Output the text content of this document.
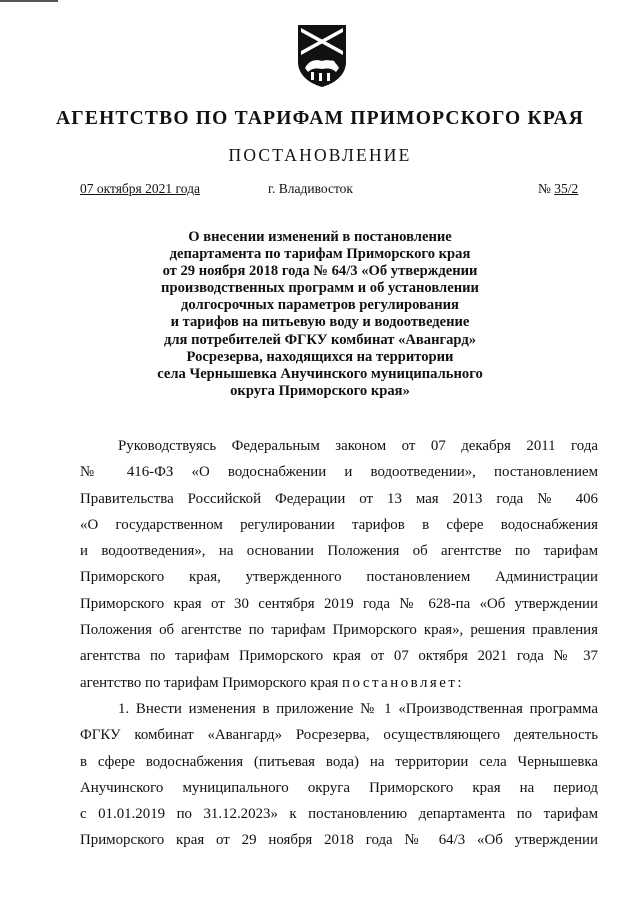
АГЕНТСТВО ПО ТАРИФАМ ПРИМОРСКОГО КРАЯ
ПОСТАНОВЛЕНИЕ
07 октября 2021 года	г. Владивосток	№ 35/2
О внесении изменений в постановление
департамента по тарифам Приморского края
от 29 ноября 2018 года № 64/3 «Об утверждении
производственных программ и об установлении
долгосрочных параметров регулирования
и тарифов на питьевую воду и водоотведение
для потребителей ФГКУ комбинат «Авангард»
Росрезерва, находящихся на территории
села Чернышевка Анучинского муниципального
округа Приморского края»
Руководствуясь Федеральным законом от 07 декабря 2011 года
№ 416-ФЗ «О водоснабжении и водоотведении», постановлением
Правительства Российской Федерации от 13 мая 2013 года № 406
«О государственном регулировании тарифов в сфере водоснабжения
и водоотведения», на основании Положения об агентстве по тарифам
Приморского края, утвержденного постановлением Администрации
Приморского края от 30 сентября 2019 года № 628-па «Об утверждении
Положения об агентстве по тарифам Приморского края», решения правления
агентства по тарифам Приморского края от 07 октября 2021 года № 37
агентство по тарифам Приморского края постановляет:
1. Внести изменения в приложение № 1 «Производственная программа
ФГКУ комбинат «Авангард» Росрезерва, осуществляющего деятельность
в сфере водоснабжения (питьевая вода) на территории села Чернышевка
Анучинского муниципального округа Приморского края на период
с 01.01.2019 по 31.12.2023» к постановлению департамента по тарифам
Приморского края от 29 ноября 2018 года № 64/3 «Об утверждении
